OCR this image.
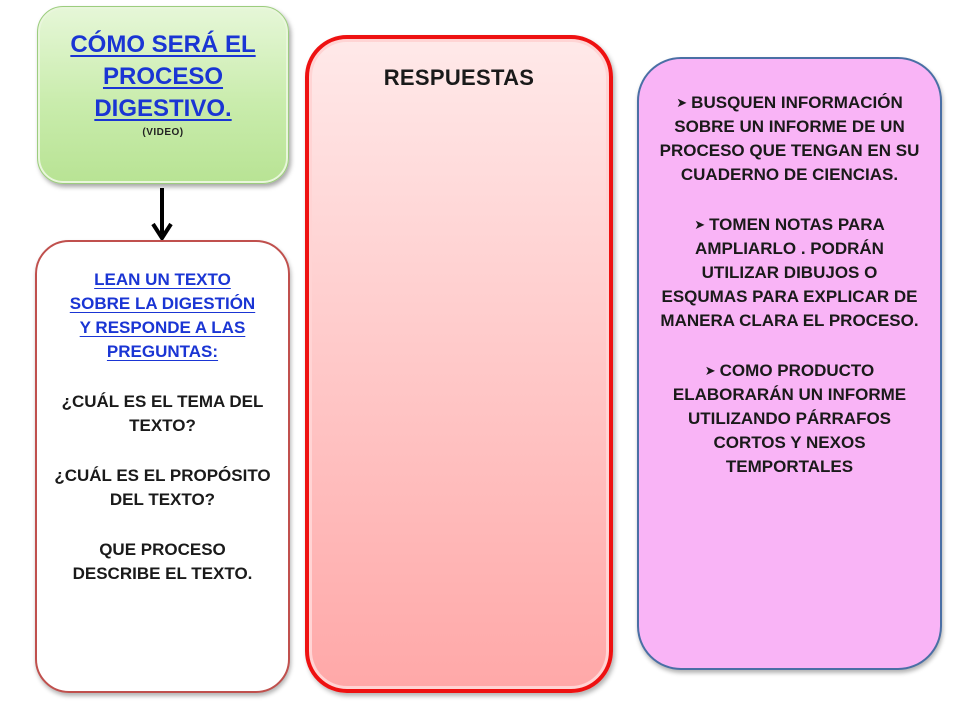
CÓMO SERÁ EL
PROCESO
DIGESTIVO.
(VIDEO)
LEAN UN TEXTO
SOBRE LA DIGESTIÓN
Y RESPONDE A LAS
PREGUNTAS:
¿CUÁL ES EL TEMA DEL TEXTO?
¿CUÁL ES EL PROPÓSITO DEL TEXTO?
QUE PROCESO DESCRIBE EL TEXTO.
RESPUESTAS
➤ BUSQUEN INFORMACIÓN SOBRE UN INFORME DE UN PROCESO QUE TENGAN EN SU CUADERNO DE CIENCIAS.
➤ TOMEN NOTAS PARA AMPLIARLO . PODRÁN UTILIZAR DIBUJOS O ESQUMAS PARA EXPLICAR DE MANERA CLARA EL PROCESO.
➤ COMO PRODUCTO ELABORARÁN UN INFORME UTILIZANDO PÁRRAFOS CORTOS Y NEXOS TEMPORTALES
